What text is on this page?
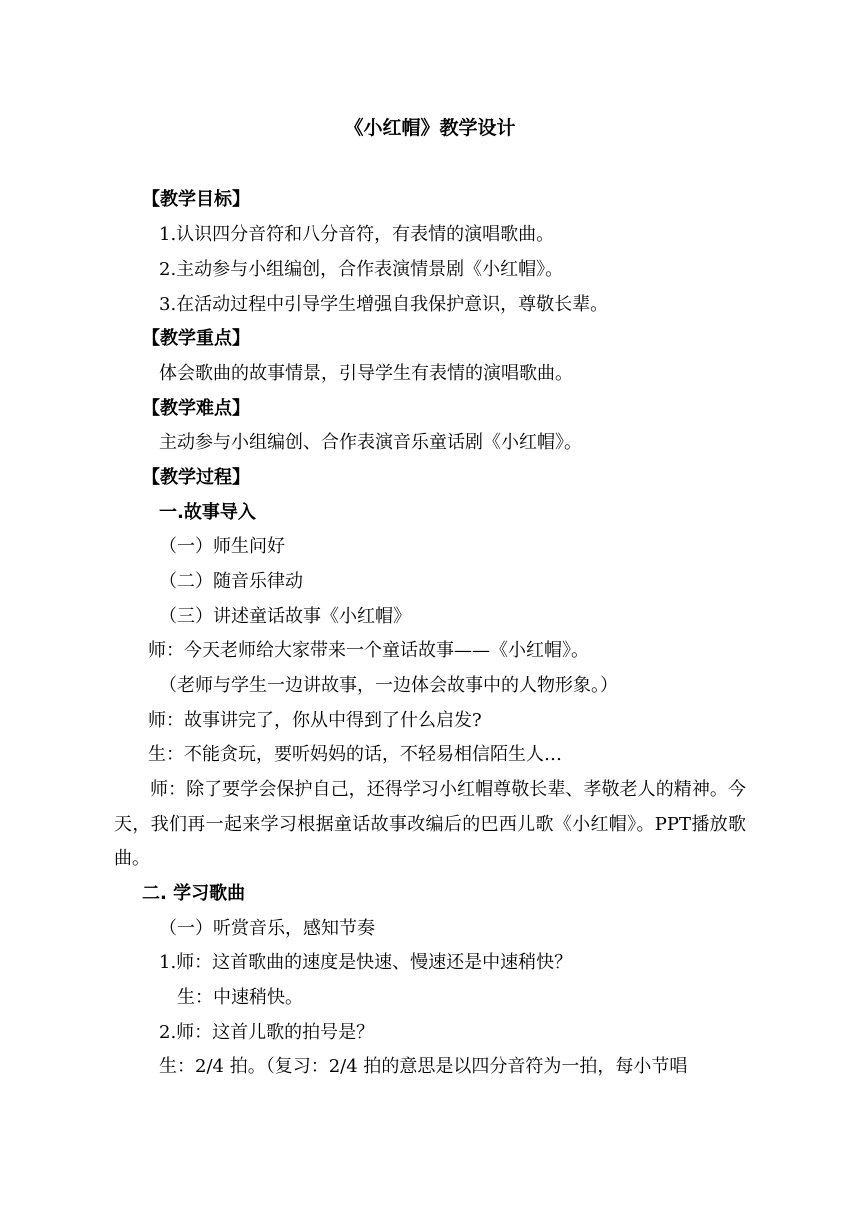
《小红帽》教学设计
【教学目标】
1.认识四分音符和八分音符，有表情的演唱歌曲。
2.主动参与小组编创，合作表演情景剧《小红帽》。
3.在活动过程中引导学生增强自我保护意识，尊敬长辈。
【教学重点】
体会歌曲的故事情景，引导学生有表情的演唱歌曲。
【教学难点】
主动参与小组编创、合作表演音乐童话剧《小红帽》。
【教学过程】
一.故事导入
（一）师生问好
（二）随音乐律动
（三）讲述童话故事《小红帽》
师：今天老师给大家带来一个童话故事——《小红帽》。
（老师与学生一边讲故事，一边体会故事中的人物形象。）
师：故事讲完了，你从中得到了什么启发?
生：不能贪玩，要听妈妈的话，不轻易相信陌生人…
师：除了要学会保护自己，还得学习小红帽尊敬长辈、孝敬老人的精神。今天，我们再一起来学习根据童话故事改编后的巴西儿歌《小红帽》。PPT播放歌曲。
二. 学习歌曲
（一）听赏音乐，感知节奏
1.师：这首歌曲的速度是快速、慢速还是中速稍快？
生：中速稍快。
2.师：这首儿歌的拍号是？
生：2/4 拍。（复习：2/4 拍的意思是以四分音符为一拍，每小节唱
